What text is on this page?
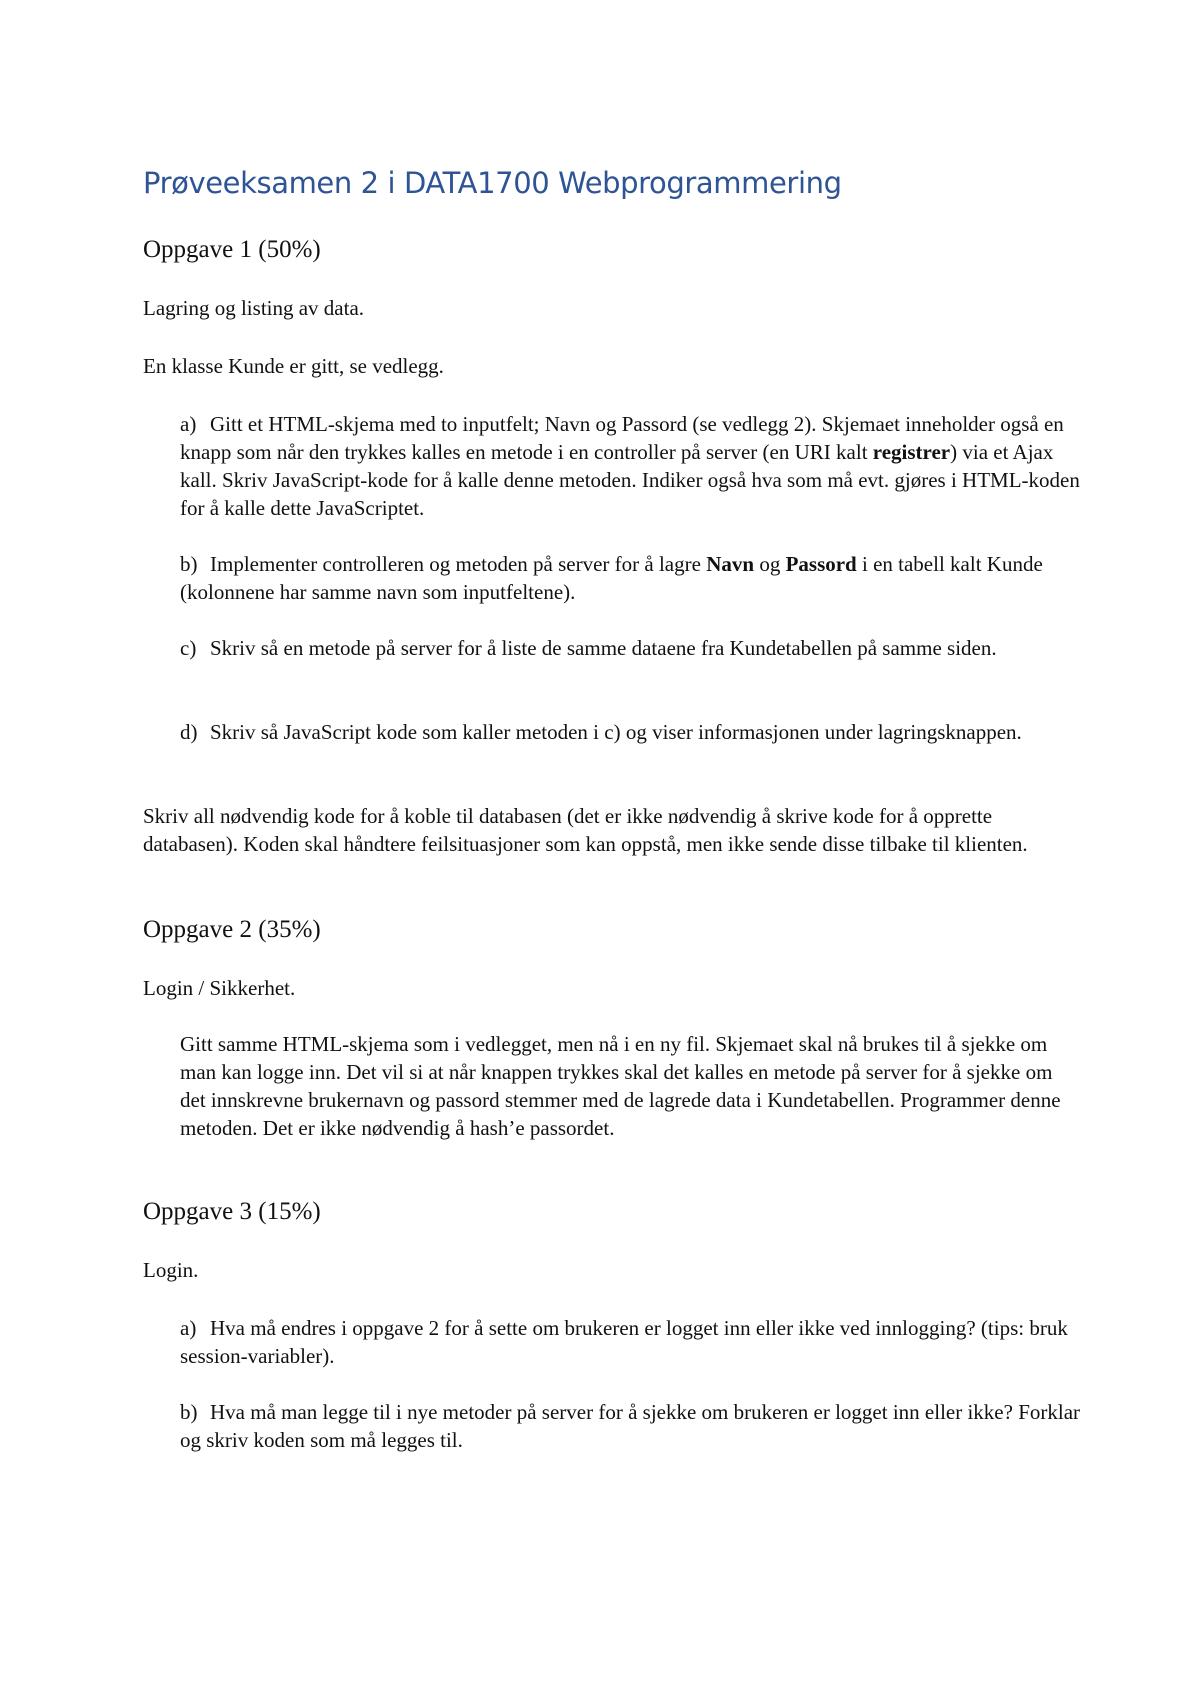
Prøveeksamen 2 i DATA1700 Webprogrammering
Oppgave 1 (50%)

Lagring og listing av data.

En klasse Kunde er gitt, se vedlegg.

a) Gitt et HTML-skjema med to inputfelt; Navn og Passord (se vedlegg 2). Skjemaet inneholder også en knapp som når den trykkes kalles en metode i en controller på server (en URI kalt registrer) via et Ajax kall. Skriv JavaScript-kode for å kalle denne metoden. Indiker også hva som må evt. gjøres i HTML-koden for å kalle dette JavaScriptet.

b) Implementer controlleren og metoden på server for å lagre Navn og Passord i en tabell kalt Kunde (kolonnene har samme navn som inputfeltene).

c) Skriv så en metode på server for å liste de samme dataene fra Kundetabellen på samme siden.

d) Skriv så JavaScript kode som kaller metoden i c) og viser informasjonen under lagringsknappen.

Skriv all nødvendig kode for å koble til databasen (det er ikke nødvendig å skrive kode for å opprette databasen). Koden skal håndtere feilsituasjoner som kan oppstå, men ikke sende disse tilbake til klienten.

Oppgave 2 (35%)

Login / Sikkerhet.

Gitt samme HTML-skjema som i vedlegget, men nå i en ny fil. Skjemaet skal nå brukes til å sjekke om man kan logge inn. Det vil si at når knappen trykkes skal det kalles en metode på server for å sjekke om det innskrevne brukernavn og passord stemmer med de lagrede data i Kundetabellen. Programmer denne metoden. Det er ikke nødvendig å hash’e passordet.

Oppgave 3 (15%)

Login.

a) Hva må endres i oppgave 2 for å sette om brukeren er logget inn eller ikke ved innlogging? (tips: bruk session-variabler).

b) Hva må man legge til i nye metoder på server for å sjekke om brukeren er logget inn eller ikke? Forklar og skriv koden som må legges til.
